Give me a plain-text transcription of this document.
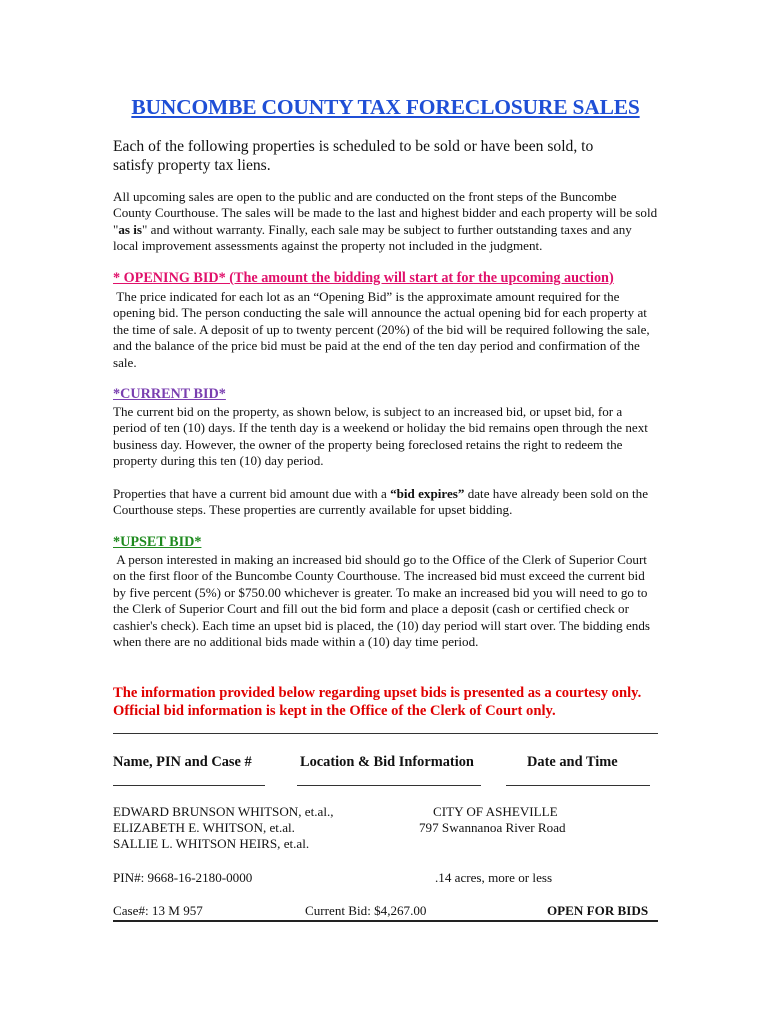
BUNCOMBE COUNTY TAX FORECLOSURE SALES
Each of the following properties is scheduled to be sold or have been sold, to satisfy property tax liens.
All upcoming sales are open to the public and are conducted on the front steps of the Buncombe County Courthouse. The sales will be made to the last and highest bidder and each property will be sold "as is" and without warranty. Finally, each sale may be subject to further outstanding taxes and any local improvement assessments against the property not included in the judgment.
* OPENING BID* (The amount the bidding will start at for the upcoming auction)
The price indicated for each lot as an “Opening Bid” is the approximate amount required for the opening bid. The person conducting the sale will announce the actual opening bid for each property at the time of sale. A deposit of up to twenty percent (20%) of the bid will be required following the sale, and the balance of the price bid must be paid at the end of the ten day period and confirmation of the sale.
*CURRENT BID*
The current bid on the property, as shown below, is subject to an increased bid, or upset bid, for a period of ten (10) days. If the tenth day is a weekend or holiday the bid remains open through the next business day. However, the owner of the property being foreclosed retains the right to redeem the property during this ten (10) day period.
Properties that have a current bid amount due with a “bid expires” date have already been sold on the Courthouse steps. These properties are currently available for upset bidding.
*UPSET BID*
A person interested in making an increased bid should go to the Office of the Clerk of Superior Court on the first floor of the Buncombe County Courthouse. The increased bid must exceed the current bid by five percent (5%) or $750.00 whichever is greater. To make an increased bid you will need to go to the Clerk of Superior Court and fill out the bid form and place a deposit (cash or certified check or cashier's check). Each time an upset bid is placed, the (10) day period will start over. The bidding ends when there are no additional bids made within a (10) day time period.
The information provided below regarding upset bids is presented as a courtesy only. Official bid information is kept in the Office of the Clerk of Court only.
Name, PIN and Case #	Location & Bid Information	Date and Time
EDWARD BRUNSON WHITSON, et.al.,
ELIZABETH E. WHITSON, et.al.
SALLIE L. WHITSON HEIRS, et.al.
CITY OF ASHEVILLE
797 Swannanoa River Road
PIN#: 9668-16-2180-0000	.14 acres, more or less
Case#: 13 M 957	Current Bid: $4,267.00	OPEN FOR BIDS
